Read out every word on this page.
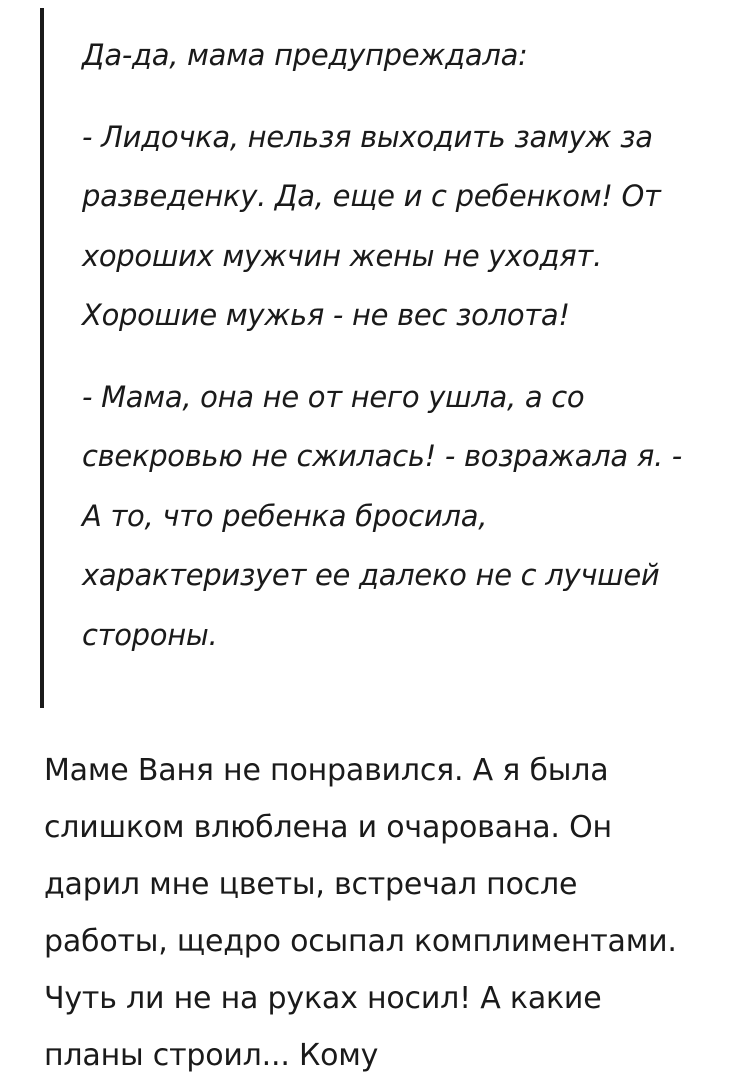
Да-да, мама предупреждала:

- Лидочка, нельзя выходить замуж за разведенку. Да, еще и с ребенком! От хороших мужчин жены не уходят. Хорошие мужья - не вес золота!

- Мама, она не от него ушла, а со свекровью не сжилась! - возражала я. - А то, что ребенка бросила, характеризует ее далеко не с лучшей стороны.

Маме Ваня не понравился. А я была слишком влюблена и очарована. Он дарил мне цветы, встречал после работы, щедро осыпал комплиментами. Чуть ли не на руках носил! А какие планы строил... Кому
